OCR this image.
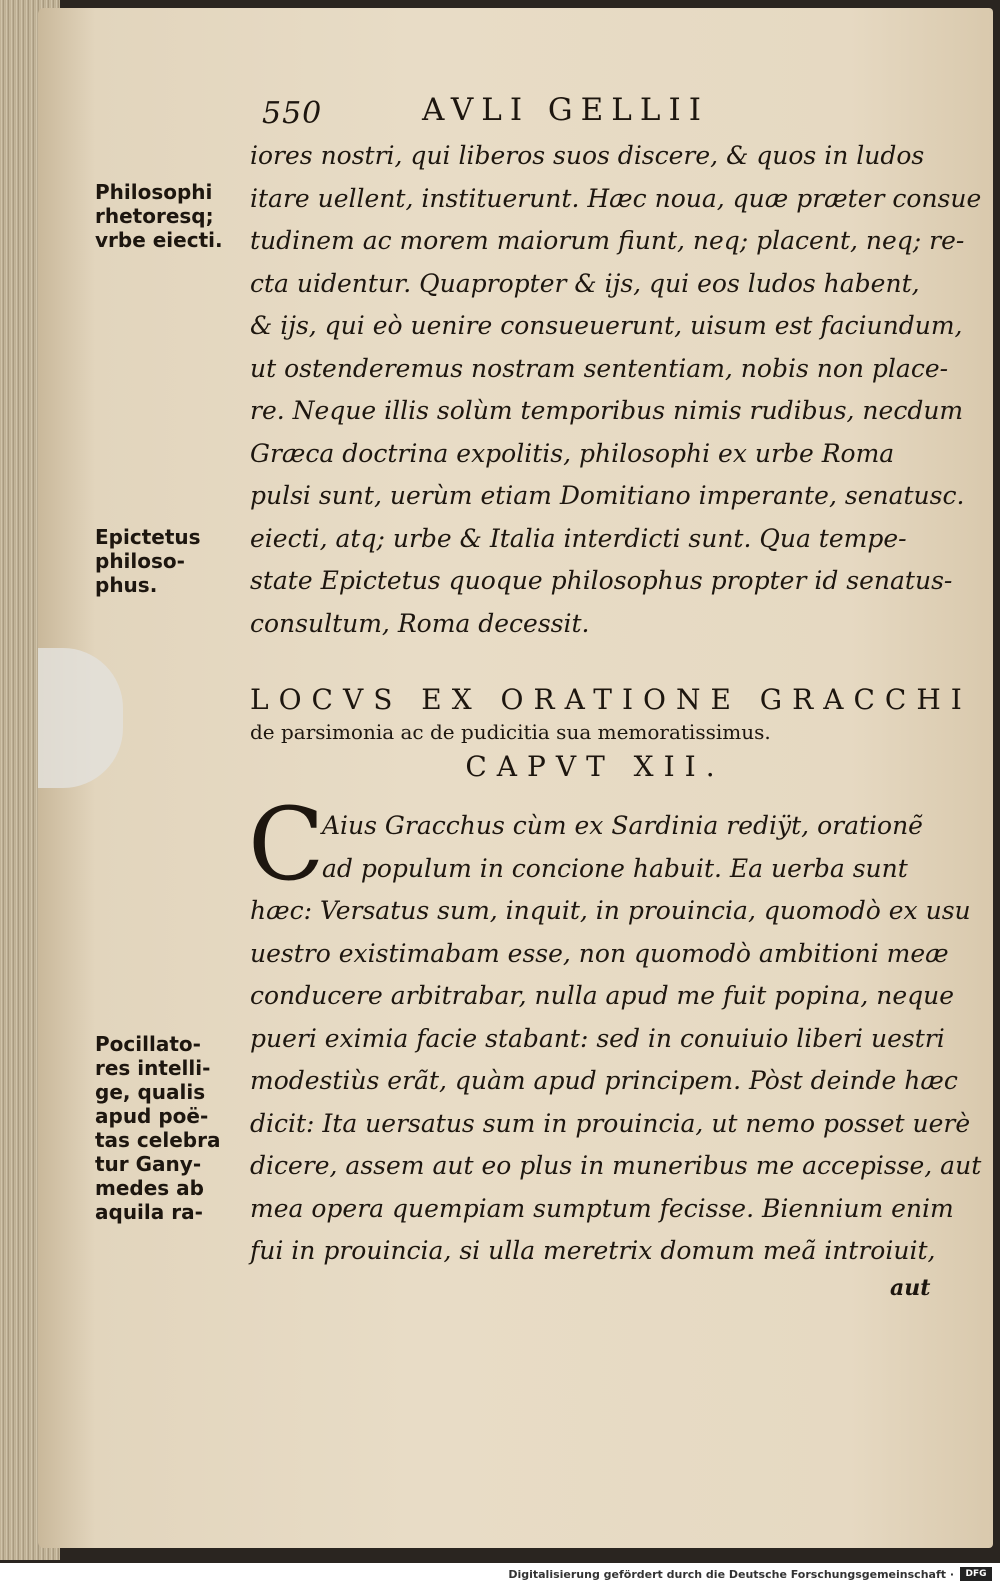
550	AVLI GELLII
iores nostri, qui liberos suos discere, & quos in ludos
itare uellent, instituerunt. Hæc noua, quæ præter consue
tudinem ac morem maiorum fiunt, neq; placent, neq; re-
cta uidentur. Quapropter & ijs, qui eos ludos habent,
& ijs, qui eò uenire consueuerunt, uisum est faciundum,
ut ostenderemus nostram sententiam, nobis non place-
re. Neque illis solùm temporibus nimis rudibus, necdum
Græca doctrina expolitis, philosophi ex urbe Roma
pulsi sunt, uerùm etiam Domitiano imperante, senatusc.
eiecti, atq; urbe & Italia interdicti sunt. Qua tempe-
state Epictetus quoque philosophus propter id senatus-
consultum, Roma decessit.
Philosophi
rhetoresq;
vrbe eiecti.
Epictetus
philoso-
phus.
Pocillato-
res intelli-
ge, qualis
apud poë-
tas celebra
tur Gany-
medes ab
aquila ra-
LOCVS EX ORATIONE GRACCHI
de parsimonia ac de pudicitia sua memoratissimus.
CAPVT XII.
C
Aius Gracchus cùm ex Sardinia rediÿt, orationẽ
ad populum in concione habuit. Ea uerba sunt
hæc: Versatus sum, inquit, in prouincia, quomodò ex usu
uestro existimabam esse, non quomodò ambitioni meæ
conducere arbitrabar, nulla apud me fuit popina, neque
pueri eximia facie stabant: sed in conuiuio liberi uestri
modestiùs erãt, quàm apud principem. Pòst deinde hæc
dicit: Ita uersatus sum in prouincia, ut nemo posset uerè
dicere, assem aut eo plus in muneribus me accepisse, aut
mea opera quempiam sumptum fecisse. Biennium enim
fui in prouincia, si ulla meretrix domum meã introiuit,
aut
Digitalisierung gefördert durch die Deutsche Forschungsgemeinschaft ·	DFG
